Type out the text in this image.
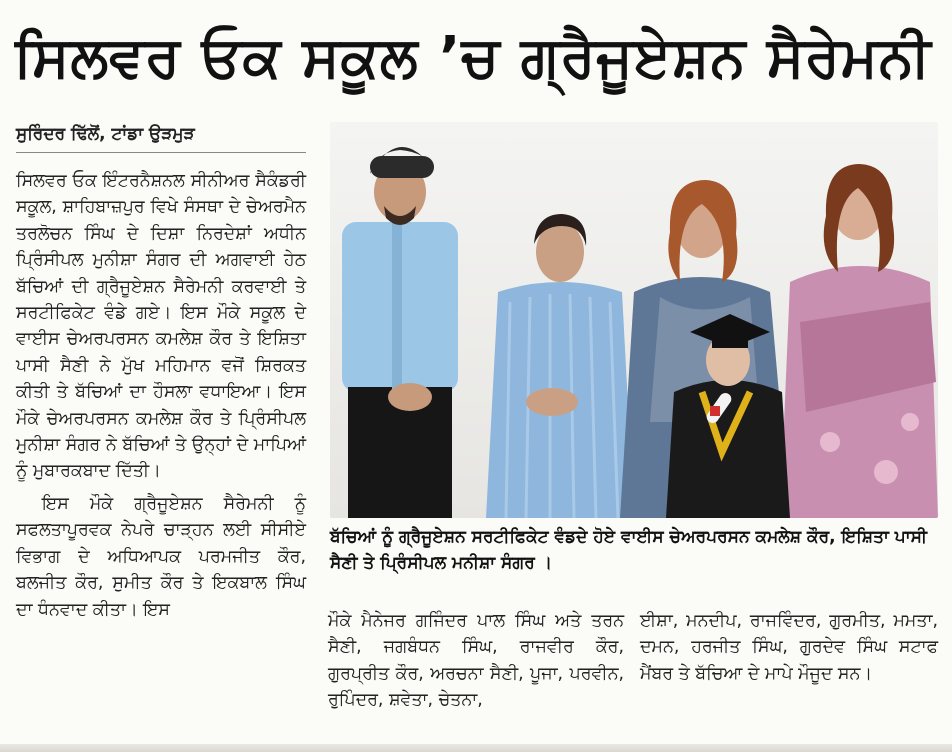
ਸਿਲਵਰ ਓਕ ਸਕੂਲ ’ਚ ਗ੍ਰੈਜੂਏਸ਼ਨ ਸੈਰੇਮਨੀ
ਸੁਰਿੰਦਰ ਢਿੱਲੋਂ, ਟਾਂਡਾ ਉੜਮੁੜ

ਸਿਲਵਰ ਓਕ ਇੰਟਰਨੈਸ਼ਨਲ ਸੀਨੀਅਰ ਸੈਕੰਡਰੀ ਸਕੂਲ, ਸ਼ਾਹਿਬਾਜ਼ਪੁਰ ਵਿਖੇ ਸੰਸਥਾ ਦੇ ਚੇਅਰਮੈਨ ਤਰਲੋਚਨ ਸਿੰਘ ਦੇ ਦਿਸ਼ਾ ਨਿਰਦੇਸ਼ਾਂ ਅਧੀਨ ਪ੍ਰਿੰਸੀਪਲ ਮੁਨੀਸ਼ਾ ਸੰਗਰ ਦੀ ਅਗਵਾਈ ਹੇਠ ਬੱਚਿਆਂ ਦੀ ਗ੍ਰੈਜੂਏਸ਼ਨ ਸੈਰੇਮਨੀ ਕਰਵਾਈ ਤੇ ਸਰਟੀਫਿਕੇਟ ਵੰਡੇ ਗਏ। ਇਸ ਮੌਕੇ ਸਕੂਲ ਦੇ ਵਾਈਸ ਚੇਅਰਪਰਸਨ ਕਮਲੇਸ਼ ਕੌਰ ਤੇ ਇਸ਼ਿਤਾ ਪਾਸੀ ਸੈਣੀ ਨੇ ਮੁੱਖ ਮਹਿਮਾਨ ਵਜੋਂ ਸ਼ਿਰਕਤ ਕੀਤੀ ਤੇ ਬੱਚਿਆਂ ਦਾ ਹੌਸਲਾ ਵਧਾਇਆ। ਇਸ ਮੌਕੇ ਚੇਅਰਪਰਸਨ ਕਮਲੇਸ਼ ਕੌਰ ਤੇ ਪ੍ਰਿੰਸੀਪਲ ਮੁਨੀਸ਼ਾ ਸੰਗਰ ਨੇ ਬੱਚਿਆਂ ਤੇ ਉਨ੍ਹਾਂ ਦੇ ਮਾਪਿਆਂ ਨੂੰ ਮੁਬਾਰਕਬਾਦ ਦਿੱਤੀ।

ਇਸ ਮੌਕੇ ਗ੍ਰੈਜੂਏਸ਼ਨ ਸੈਰੇਮਨੀ ਨੂੰ ਸਫਲਤਾਪੂਰਵਕ ਨੇਪਰੇ ਚਾੜ੍ਹਨ ਲਈ ਸੀਸੀਏ ਵਿਭਾਗ ਦੇ ਅਧਿਆਪਕ ਪਰਮਜੀਤ ਕੌਰ, ਬਲਜੀਤ ਕੌਰ, ਸੁਮੀਤ ਕੌਰ ਤੇ ਇਕਬਾਲ ਸਿੰਘ ਦਾ ਧੰਨਵਾਦ ਕੀਤਾ। ਇਸ

ਬੱਚਿਆਂ ਨੂੰ ਗ੍ਰੈਜੂਏਸ਼ਨ ਸਰਟੀਫਿਕੇਟ ਵੰਡਦੇ ਹੋਏ ਵਾਈਸ ਚੇਅਰਪਰਸਨ ਕਮਲੇਸ਼ ਕੌਰ, ਇਸ਼ਿਤਾ ਪਾਸੀ ਸੈਣੀ ਤੇ ਪ੍ਰਿੰਸੀਪਲ ਮਨੀਸ਼ਾ ਸੰਗਰ ।

ਮੌਕੇ ਮੈਨੇਜਰ ਗਜਿੰਦਰ ਪਾਲ ਸਿੰਘ ਅਤੇ ਤਰਨ ਸੈਣੀ, ਜਗਬੰਧਨ ਸਿੰਘ, ਰਾਜਵੀਰ ਕੌਰ, ਗੁਰਪ੍ਰੀਤ ਕੌਰ, ਅਰਚਨਾ ਸੈਣੀ, ਪੂਜਾ, ਪਰਵੀਨ, ਰੁਪਿੰਦਰ, ਸ਼ਵੇਤਾ, ਚੇਤਨਾ,

ਈਸ਼ਾ, ਮਨਦੀਪ, ਰਾਜਵਿੰਦਰ, ਗੁਰਮੀਤ, ਮਮਤਾ, ਦਮਨ, ਹਰਜੀਤ ਸਿੰਘ, ਗੁਰਦੇਵ ਸਿੰਘ ਸਟਾਫ ਮੈਂਬਰ ਤੇ ਬੱਚਿਆ ਦੇ ਮਾਪੇ ਮੌਜੂਦ ਸਨ।
